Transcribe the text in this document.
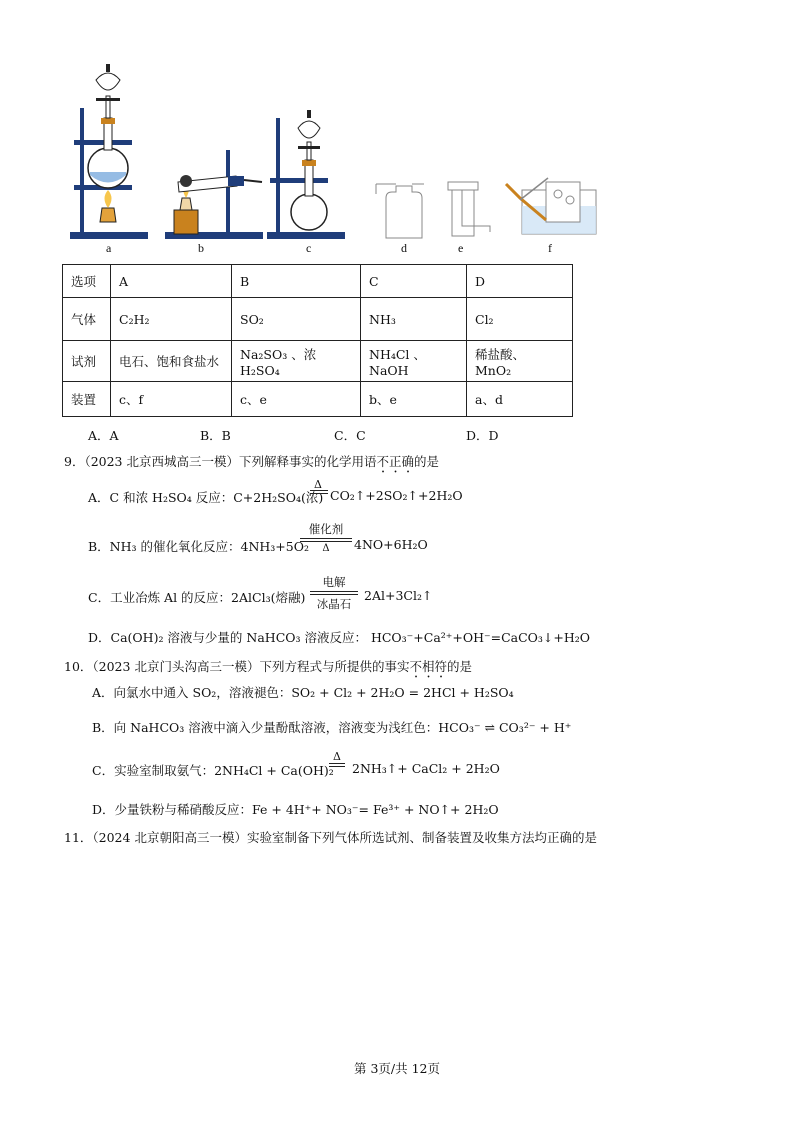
a	b	c	d	e	f
选项	A	B	C	D
气体	C₂H₂	SO₂	NH₃	Cl₂
试剂	电石、饱和食盐水	Na₂SO₃ 、浓 H₂SO₄	NH₄Cl 、NaOH	稀盐酸、 MnO₂
装置	c、f	c、e	b、e	a、d
A．A	B．B	C．C	D．D
9．（2023 北京西城高三一模）下列解释事实的化学用语不正确的是
A．C 和浓 H₂SO₄ 反应：C+2H₂SO₄(浓)
Δ
CO₂↑+2SO₂↑+2H₂O
B．NH₃ 的催化氧化反应：4NH₃+5O₂
催化剂
Δ	4NO+6H₂O
C．工业冶炼 Al 的反应：2AlCl₃(熔融)
电解
冰晶石
2Al+3Cl₂↑
D．Ca(OH)₂ 溶液与少量的 NaHCO₃ 溶液反应： HCO₃⁻+Ca²⁺+OH⁻=CaCO₃↓+H₂O
10．（2023 北京门头沟高三一模）下列方程式与所提供的事实不相符的是
A．向氯水中通入 SO₂，溶液褪色：SO₂ + Cl₂ + 2H₂O = 2HCl + H₂SO₄
B．向 NaHCO₃ 溶液中滴入少量酚酞溶液，溶液变为浅红色：HCO₃⁻ ⇌ CO₃²⁻ + H⁺
C．实验室制取氨气：2NH₄Cl + Ca(OH)₂
Δ
2NH₃↑+ CaCl₂ + 2H₂O
D．少量铁粉与稀硝酸反应：Fe + 4H⁺+ NO₃⁻= Fe³⁺ + NO↑+ 2H₂O
11．（2024 北京朝阳高三一模）实验室制备下列气体所选试剂、制备装置及收集方法均正确的是
第 3页/共 12页
